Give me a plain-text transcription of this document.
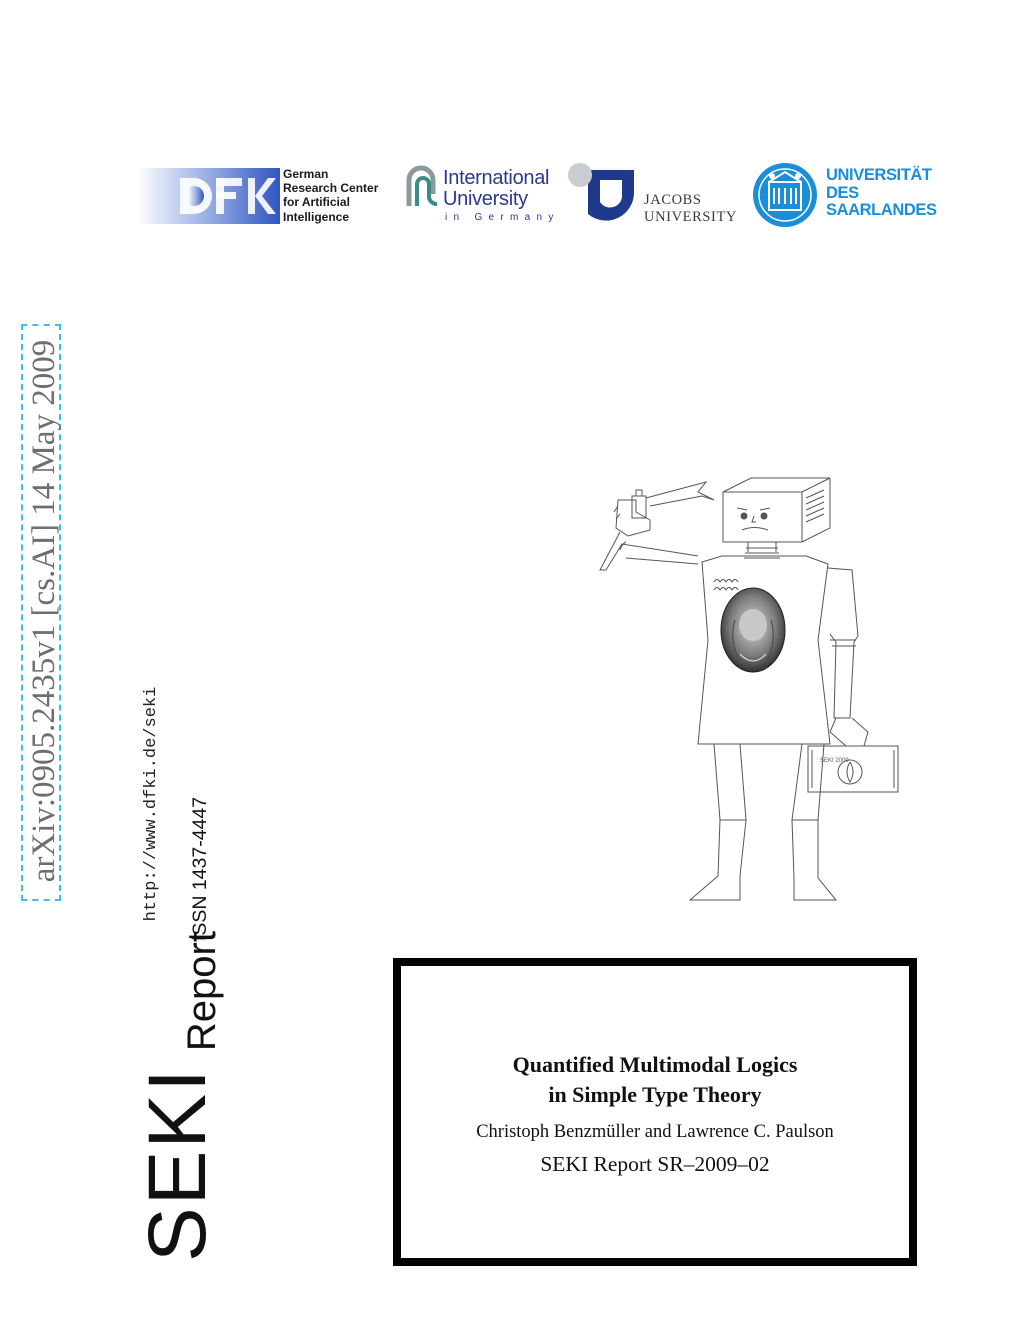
German
Research Center
for Artificial
Intelligence
International
University
in Germany
JACOBS
UNIVERSITY
UNIVERSITÄT
DES
SAARLANDES
arXiv:0905.2435v1 [cs.AI] 14 May 2009	http://www.dfki.de/seki ISSN 1437-4447
SEKIReport
SEKI 2009
Quantified Multimodal Logics
in Simple Type Theory
Christoph Benzmüller and Lawrence C. Paulson
SEKI Report SR–2009–02
